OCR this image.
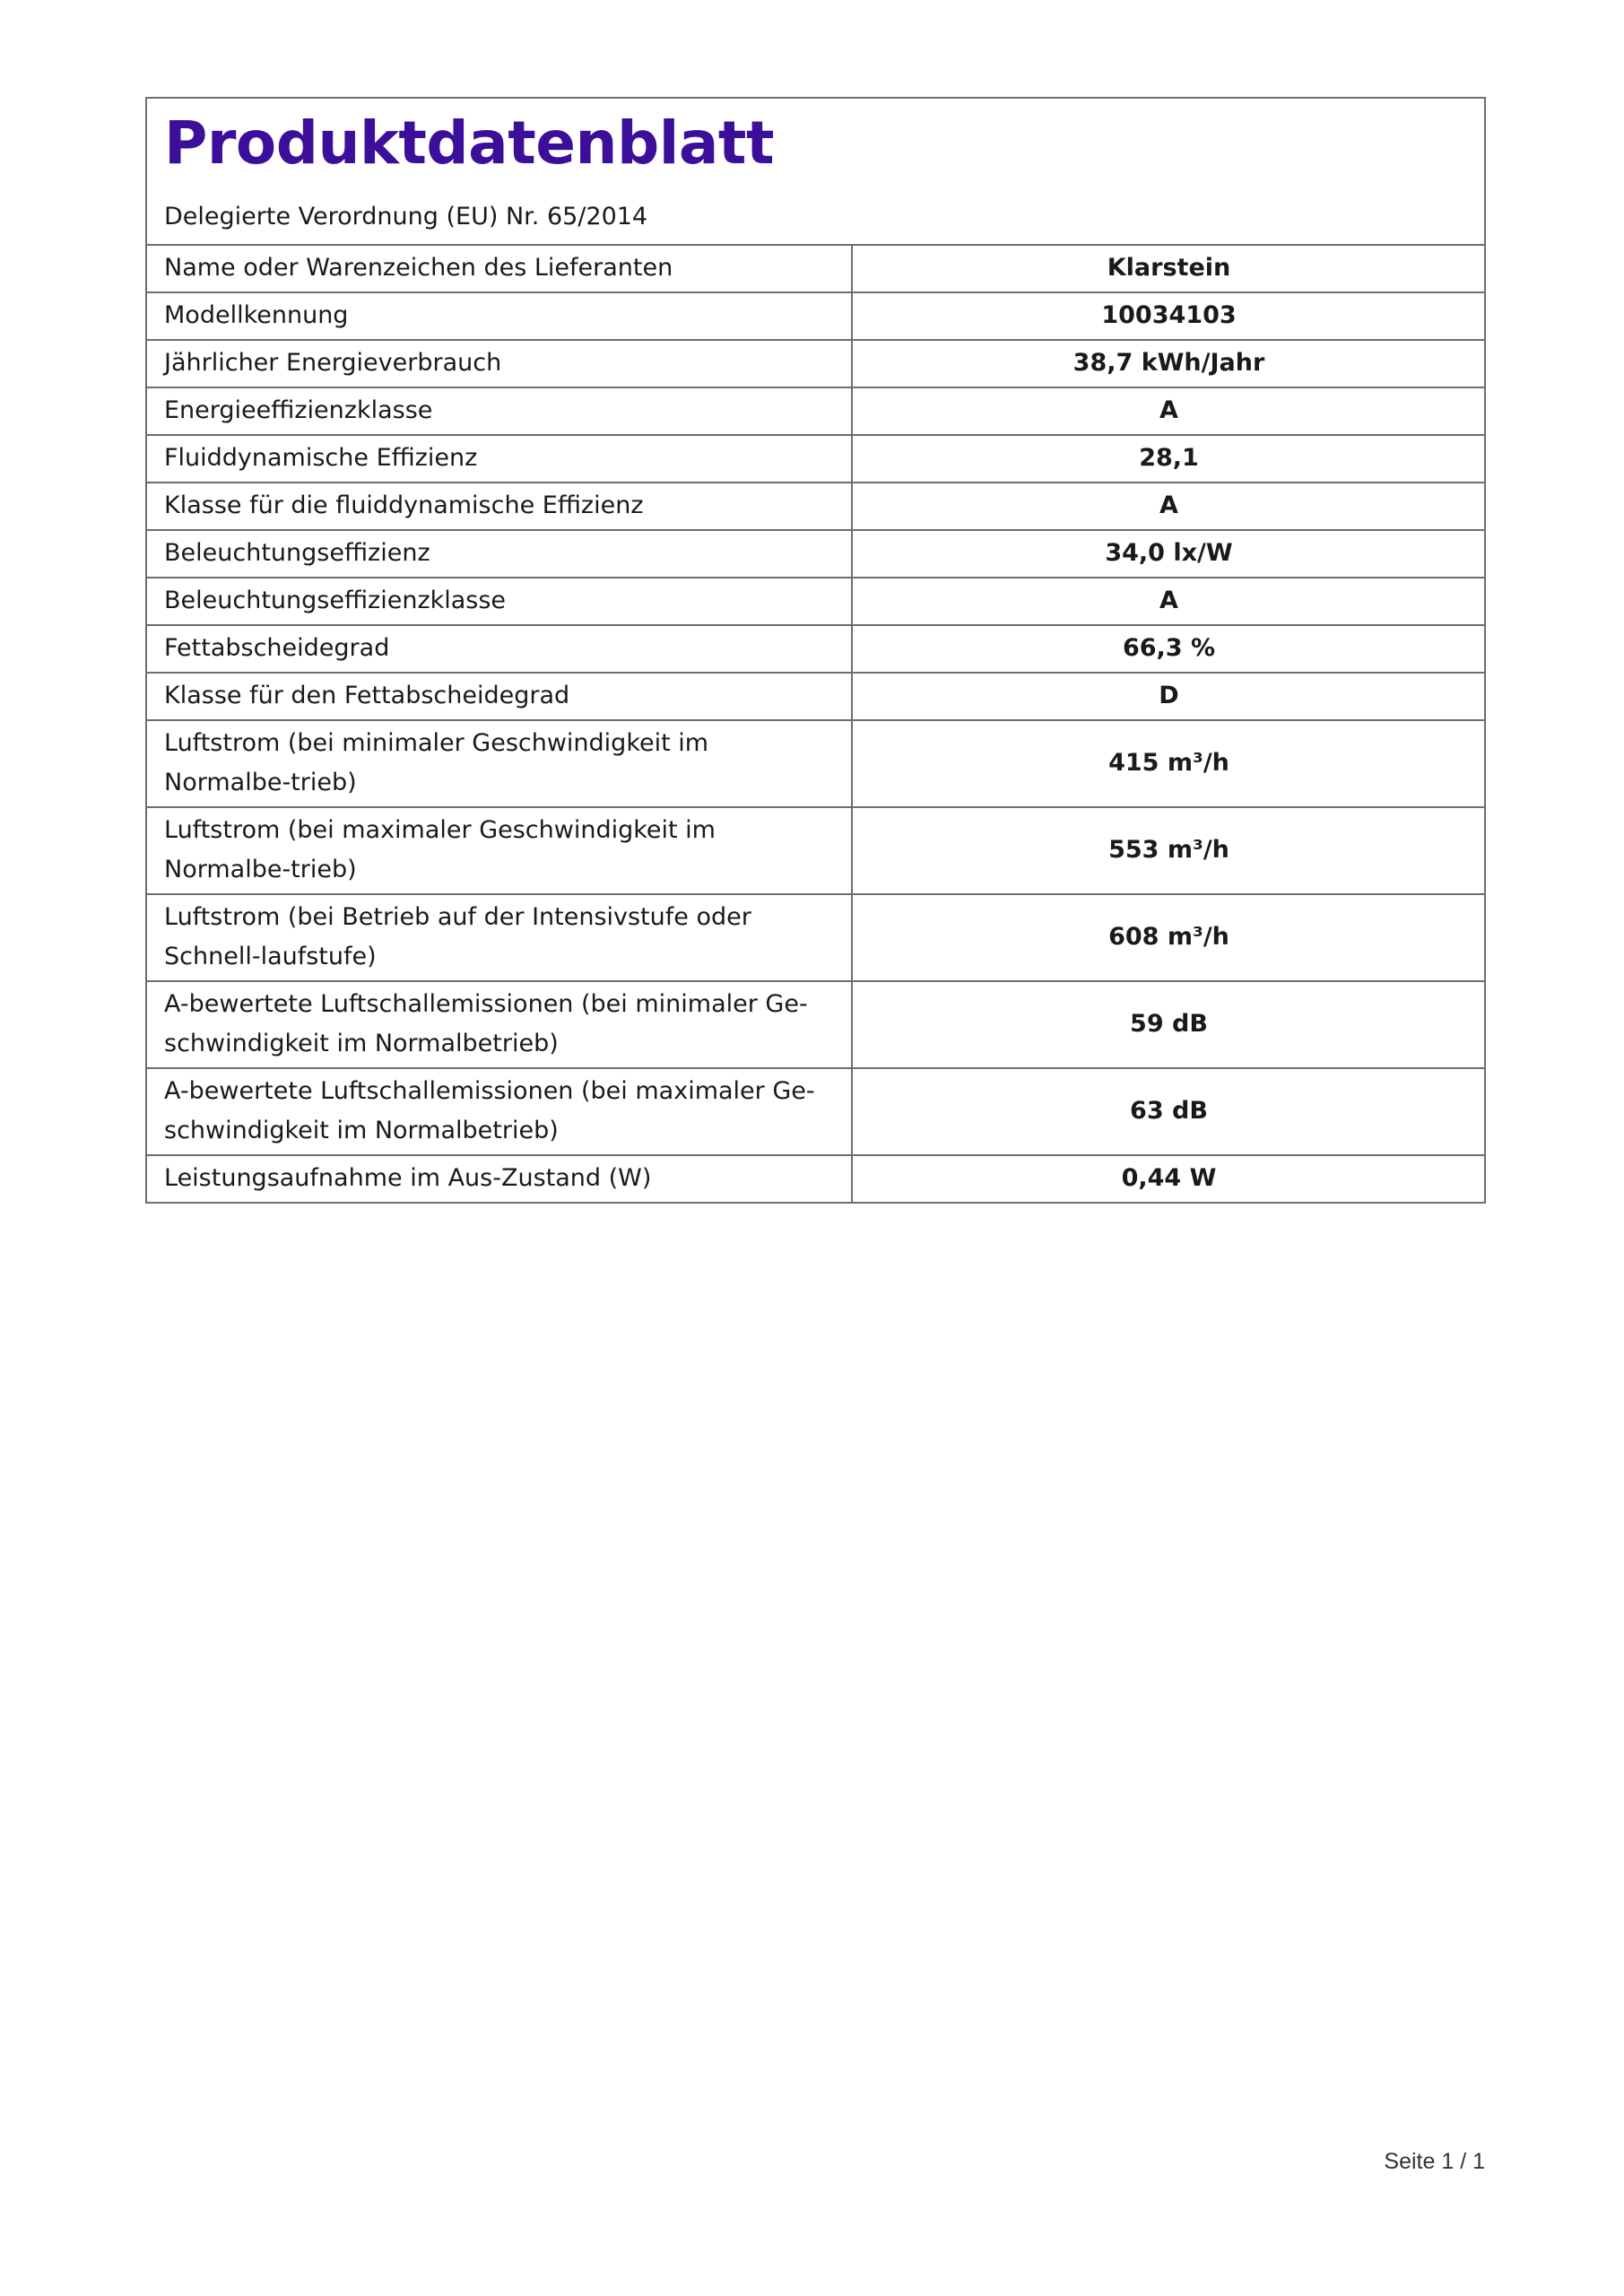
Produktdatenblatt
Delegierte Verordnung (EU) Nr. 65/2014
Name oder Warenzeichen des Lieferanten	Klarstein
Modellkennung	10034103
Jährlicher Energieverbrauch	38,7 kWh/Jahr
Energieeffizienzklasse	A
Fluiddynamische Effizienz	28,1
Klasse für die fluiddynamische Effizienz	A
Beleuchtungseffizienz	34,0 lx/W
Beleuchtungseffizienzklasse	A
Fettabscheidegrad	66,3 %
Klasse für den Fettabscheidegrad	D
Luftstrom (bei minimaler Geschwindigkeit im Normalbe-trieb)	415 m³/h
Luftstrom (bei maximaler Geschwindigkeit im Normalbe-trieb)	553 m³/h
Luftstrom (bei Betrieb auf der Intensivstufe oder Schnell-laufstufe)	608 m³/h
A-bewertete Luftschallemissionen (bei minimaler Ge-schwindigkeit im Normalbetrieb)	59 dB
A-bewertete Luftschallemissionen (bei maximaler Ge-schwindigkeit im Normalbetrieb)	63 dB
Leistungsaufnahme im Aus-Zustand (W)	0,44 W
Seite 1 / 1
